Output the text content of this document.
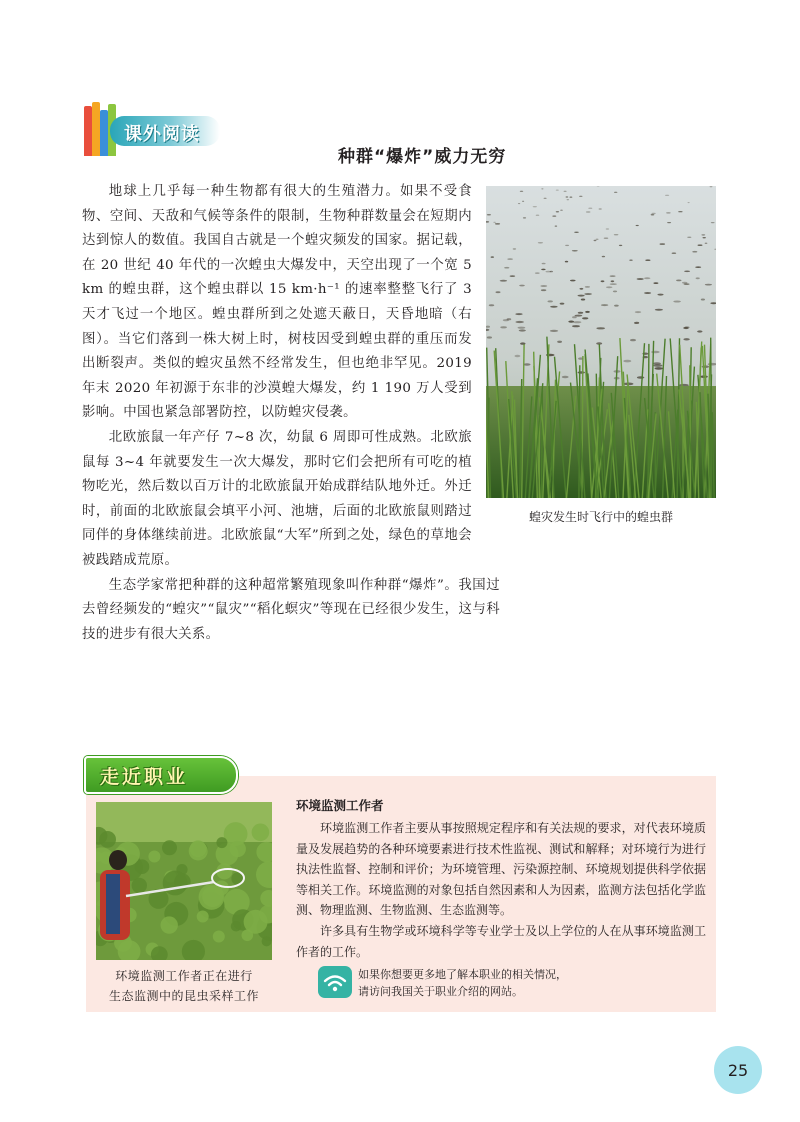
课外阅读
种群“爆炸”威力无穷

地球上几乎每一种生物都有很大的生殖潜力。如果不受食物、空间、天敌和气候等条件的限制，生物种群数量会在短期内达到惊人的数值。我国自古就是一个蝗灾频发的国家。据记载，在 20 世纪 40 年代的一次蝗虫大爆发中，天空出现了一个宽 5 km 的蝗虫群，这个蝗虫群以 15 km·h⁻¹ 的速率整整飞行了 3 天才飞过一个地区。蝗虫群所到之处遮天蔽日，天昏地暗（右图）。当它们落到一株大树上时，树枝因受到蝗虫群的重压而发出断裂声。类似的蝗灾虽然不经常发生，但也绝非罕见。2019 年末 2020 年初源于东非的沙漠蝗大爆发，约 1 190 万人受到影响。中国也紧急部署防控，以防蝗灾侵袭。

北欧旅鼠一年产仔 7~8 次，幼鼠 6 周即可性成熟。北欧旅鼠每 3~4 年就要发生一次大爆发，那时它们会把所有可吃的植物吃光，然后数以百万计的北欧旅鼠开始成群结队地外迁。外迁时，前面的北欧旅鼠会填平小河、池塘，后面的北欧旅鼠则踏过同伴的身体继续前进。北欧旅鼠“大军”所到之处，绿色的草地会被践踏成荒原。

生态学家常把种群的这种超常繁殖现象叫作种群“爆炸”。我国过去曾经频发的“蝗灾”“鼠灾”“稻化螟灾”等现在已经很少发生，这与科技的进步有很大关系。

蝗灾发生时飞行中的蝗虫群
走近职业
环境监测工作者正在进行
生态监测中的昆虫采样工作
环境监测工作者

环境监测工作者主要从事按照规定程序和有关法规的要求，对代表环境质量及发展趋势的各种环境要素进行技术性监视、测试和解释；对环境行为进行执法性监督、控制和评价；为环境管理、污染源控制、环境规划提供科学依据等相关工作。环境监测的对象包括自然因素和人为因素，监测方法包括化学监测、物理监测、生物监测、生态监测等。

许多具有生物学或环境科学等专业学士及以上学位的人在从事环境监测工作者的工作。

如果你想要更多地了解本职业的相关情况，
请访问我国关于职业介绍的网站。
25
